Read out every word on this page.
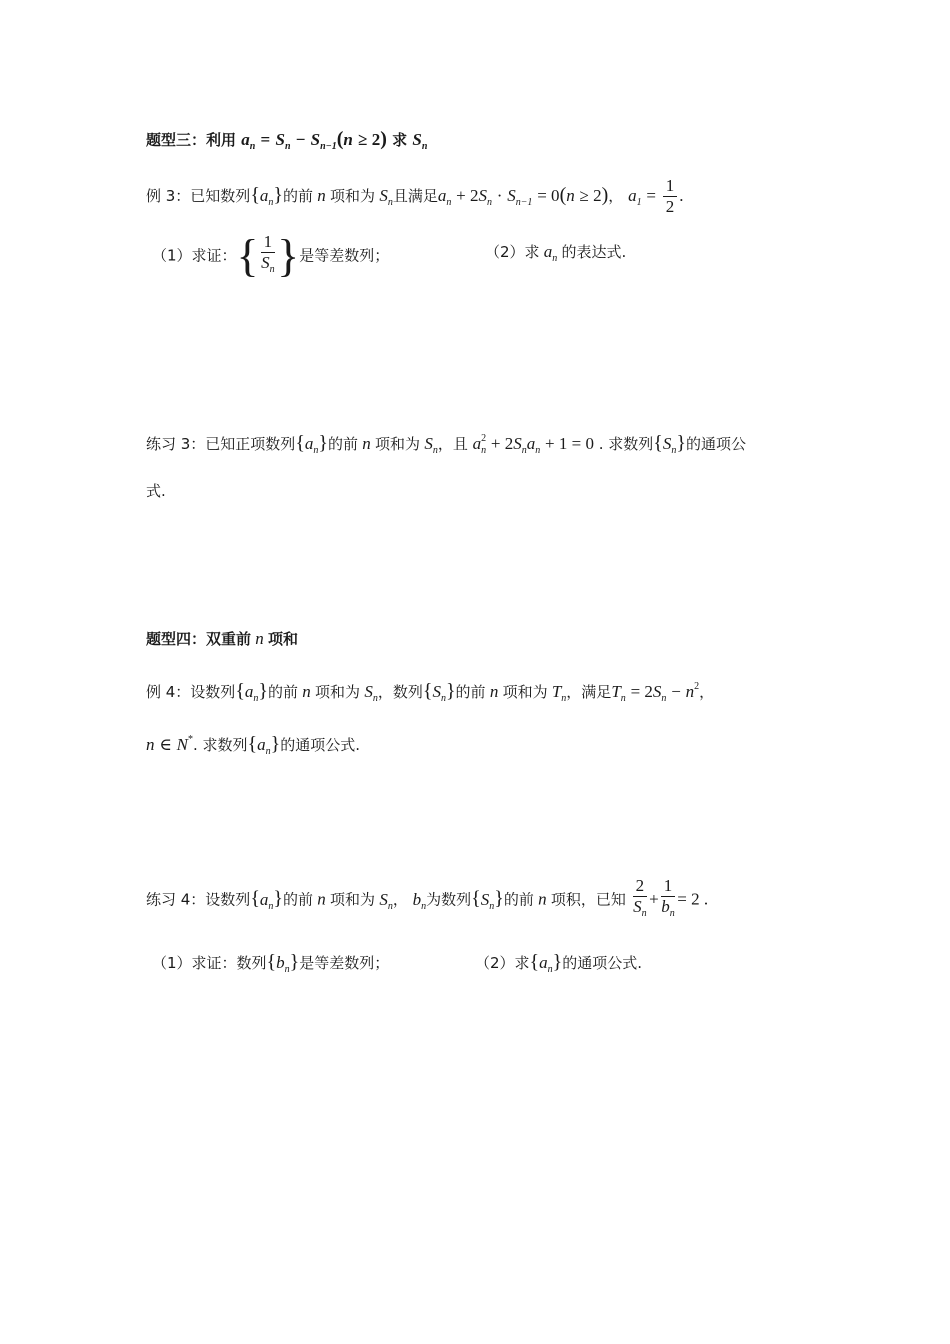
题型三：利用 $a_n = S_n - S_{n-1}(n \ge 2)$ 求 $S_n$
例 3：已知数列$\{a_n\}$的前 n 项和为 $S_n$且满足$a_n + 2S_n \cdot S_{n-1} = 0(n \ge 2)$， $a_1 = \frac{1}{2}$ .
（1）求证：{ $\frac{1}{S_n}$ }是等差数列；	（2）求 $a_n$ 的表达式.
练习 3：已知正项数列$\{a_n\}$的前 n 项和为 $S_n$，且 $a^2_n + 2S_na_n + 1 = 0$ . 求数列$\{S_n\}$的通项公
式.
题型四：双重前 n 项和
例 4：设数列$\{a_n\}$的前 n 项和为 $S_n$，数列$\{S_n\}$的前 n 项和为 $T_n$，满足$T_n = 2S_n - n^2$，
n ∈ N*. 求数列$\{a_n\}$的通项公式.
练习 4：设数列$\{a_n\}$的前 n 项和为 $S_n$， $b_n$为数列$\{S_n\}$的前 n 项积，已知 $\frac{2}{S_n} + \frac{1}{b_n} = 2$ .
（1）求证：数列$\{b_n\}$是等差数列；	（2）求$\{a_n\}$的通项公式.
